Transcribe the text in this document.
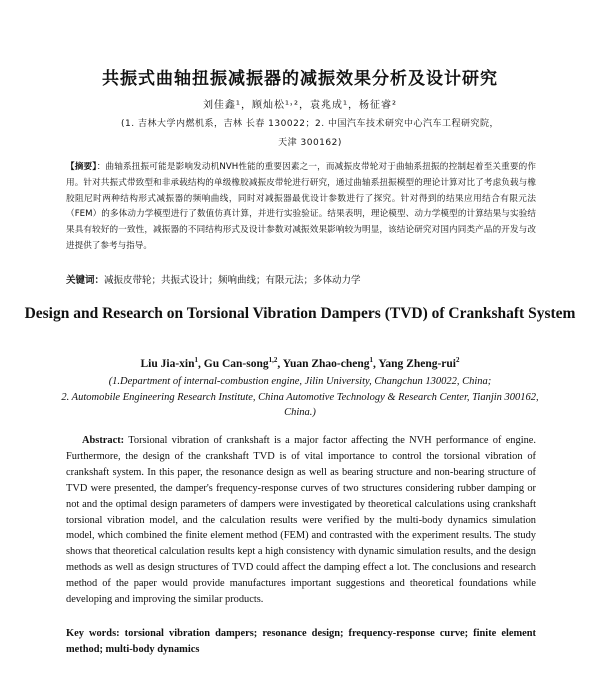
共振式曲轴扭振减振器的减振效果分析及设计研究
刘佳鑫¹，顾灿松¹˒²，袁兆成¹，杨征睿²
(1. 吉林大学内燃机系，吉林 长春 130022；2. 中国汽车技术研究中心汽车工程研究院，天津 300162)
【摘要】：曲轴系扭振可能是影响发动机NVH性能的重要因素之一，而减振皮带轮对于曲轴系扭振的控制起着至关重要的作用。针对共振式带致型和非承载结构的单级橡胶减振皮带轮进行研究，通过曲轴系扭振模型的理论计算对比了考虑负载与橡胶阻尼时两种结构形式减振器的频响曲线，同时对减振器最优设计参数进行了探究。针对得到的结果应用结合有限元法（FEM）的多体动力学模型进行了数值仿真计算，并进行实验验证。结果表明，理论模型、动力学模型的计算结果与实验结果具有较好的一致性，减振器的不同结构形式及设计参数对减振效果影响较为明显，该结论研究对国内同类产品的开发与改进提供了参考与指导。
关键词：减振皮带轮；共振式设计；频响曲线；有限元法；多体动力学
Design and Research on Torsional Vibration Dampers (TVD) of Crankshaft System
Liu Jia-xin$^1$, Gu Can-song$^{1,2}$, Yuan Zhao-cheng$^1$, Yang Zheng-rui$^2$
(1.Department of internal-combustion engine, Jilin University, Changchun 130022, China;
2. Automobile Engineering Research Institute, China Automotive Technology & Research Center, Tianjin 300162, China.)
Abstract: Torsional vibration of crankshaft is a major factor affecting the NVH performance of engine. Furthermore, the design of the crankshaft TVD is of vital importance to control the torsional vibration of crankshaft system. In this paper, the resonance design as well as bearing structure and non-bearing structure of TVD were presented, the damper's frequency-response curves of two structures considering rubber damping or not and the optimal design parameters of dampers were investigated by theoretical calculations using crankshaft torsional vibration model, and the calculation results were verified by the multi-body dynamics simulation model, which combined the finite element method (FEM) and contrasted with the experiment results. The study shows that theoretical calculation results kept a high consistency with dynamic simulation results, and the design methods as well as design structures of TVD could affect the damping effect a lot. The conclusions and research method of the paper would provide manufactures important suggestions and theoretical foundations while developing and improving the similar products.
Key words: torsional vibration dampers; resonance design; frequency-response curve; finite element method; multi-body dynamics
